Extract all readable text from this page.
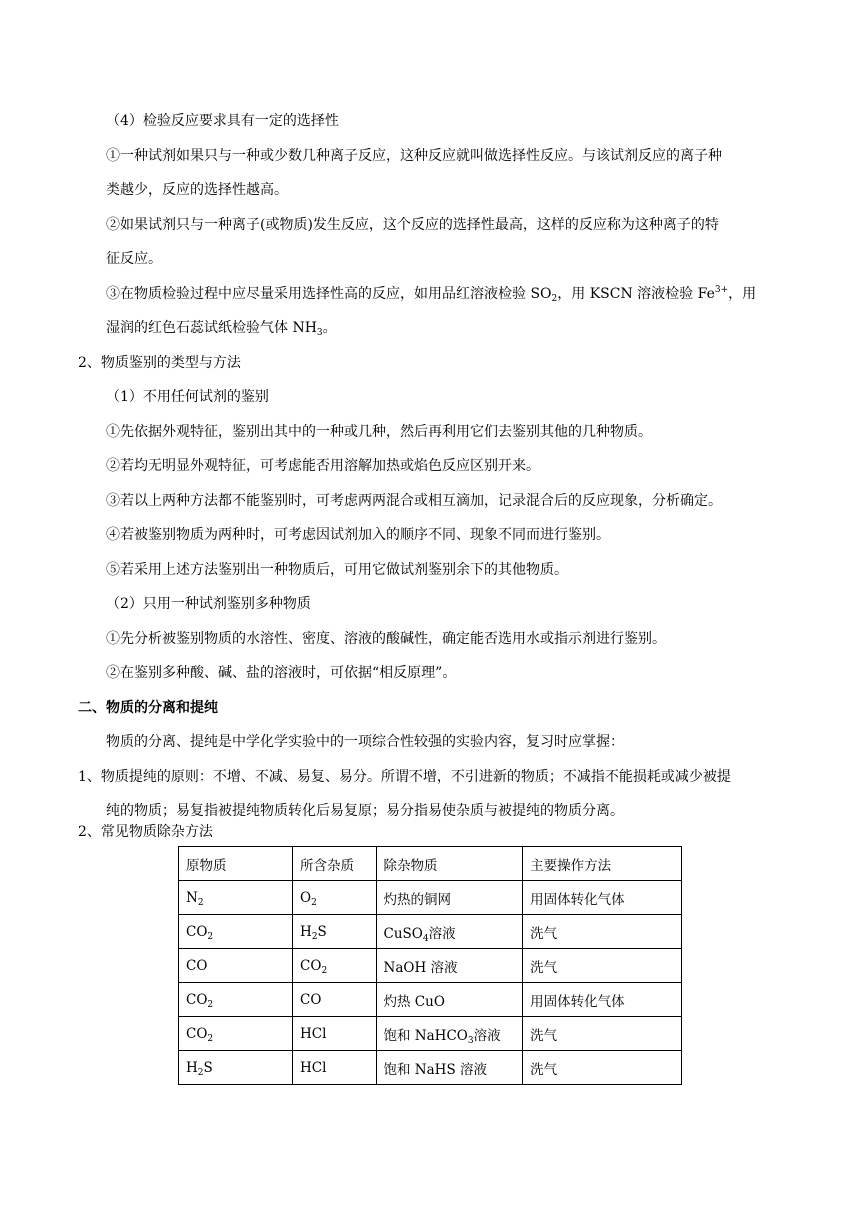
（4）检验反应要求具有一定的选择性
①一种试剂如果只与一种或少数几种离子反应，这种反应就叫做选择性反应。与该试剂反应的离子种
类越少，反应的选择性越高。
②如果试剂只与一种离子(或物质)发生反应，这个反应的选择性最高，这样的反应称为这种离子的特
征反应。
③在物质检验过程中应尽量采用选择性高的反应，如用品红溶液检验 $SO_2$，用 KSCN 溶液检验 $Fe^{3+}$，用
湿润的红色石蕊试纸检验气体 $NH_3$。
2、物质鉴别的类型与方法
（1）不用任何试剂的鉴别
①先依据外观特征，鉴别出其中的一种或几种，然后再利用它们去鉴别其他的几种物质。
②若均无明显外观特征，可考虑能否用溶解加热或焰色反应区别开来。
③若以上两种方法都不能鉴别时，可考虑两两混合或相互滴加，记录混合后的反应现象，分析确定。
④若被鉴别物质为两种时，可考虑因试剂加入的顺序不同、现象不同而进行鉴别。
⑤若采用上述方法鉴别出一种物质后，可用它做试剂鉴别余下的其他物质。
（2）只用一种试剂鉴别多种物质
①先分析被鉴别物质的水溶性、密度、溶液的酸碱性，确定能否选用水或指示剂进行鉴别。
②在鉴别多种酸、碱、盐的溶液时，可依据“相反原理”。
二、物质的分离和提纯
物质的分离、提纯是中学化学实验中的一项综合性较强的实验内容，复习时应掌握：
1、物质提纯的原则：不增、不减、易复、易分。所谓不增，不引进新的物质；不减指不能损耗或减少被提
纯的物质；易复指被提纯物质转化后易复原；易分指易使杂质与被提纯的物质分离。
2、常见物质除杂方法
原物质	所含杂质	除杂物质	主要操作方法
$N_2$	$O_2$	灼热的铜网	用固体转化气体
$CO_2$	$H_2S$	CuSO$_4$溶液	洗气
CO	$CO_2$	NaOH 溶液	洗气
$CO_2$	CO	灼热 CuO	用固体转化气体
$CO_2$	HCl	饱和 NaHCO$_3$溶液	洗气
$H_2S$	HCl	饱和 NaHS 溶液	洗气
